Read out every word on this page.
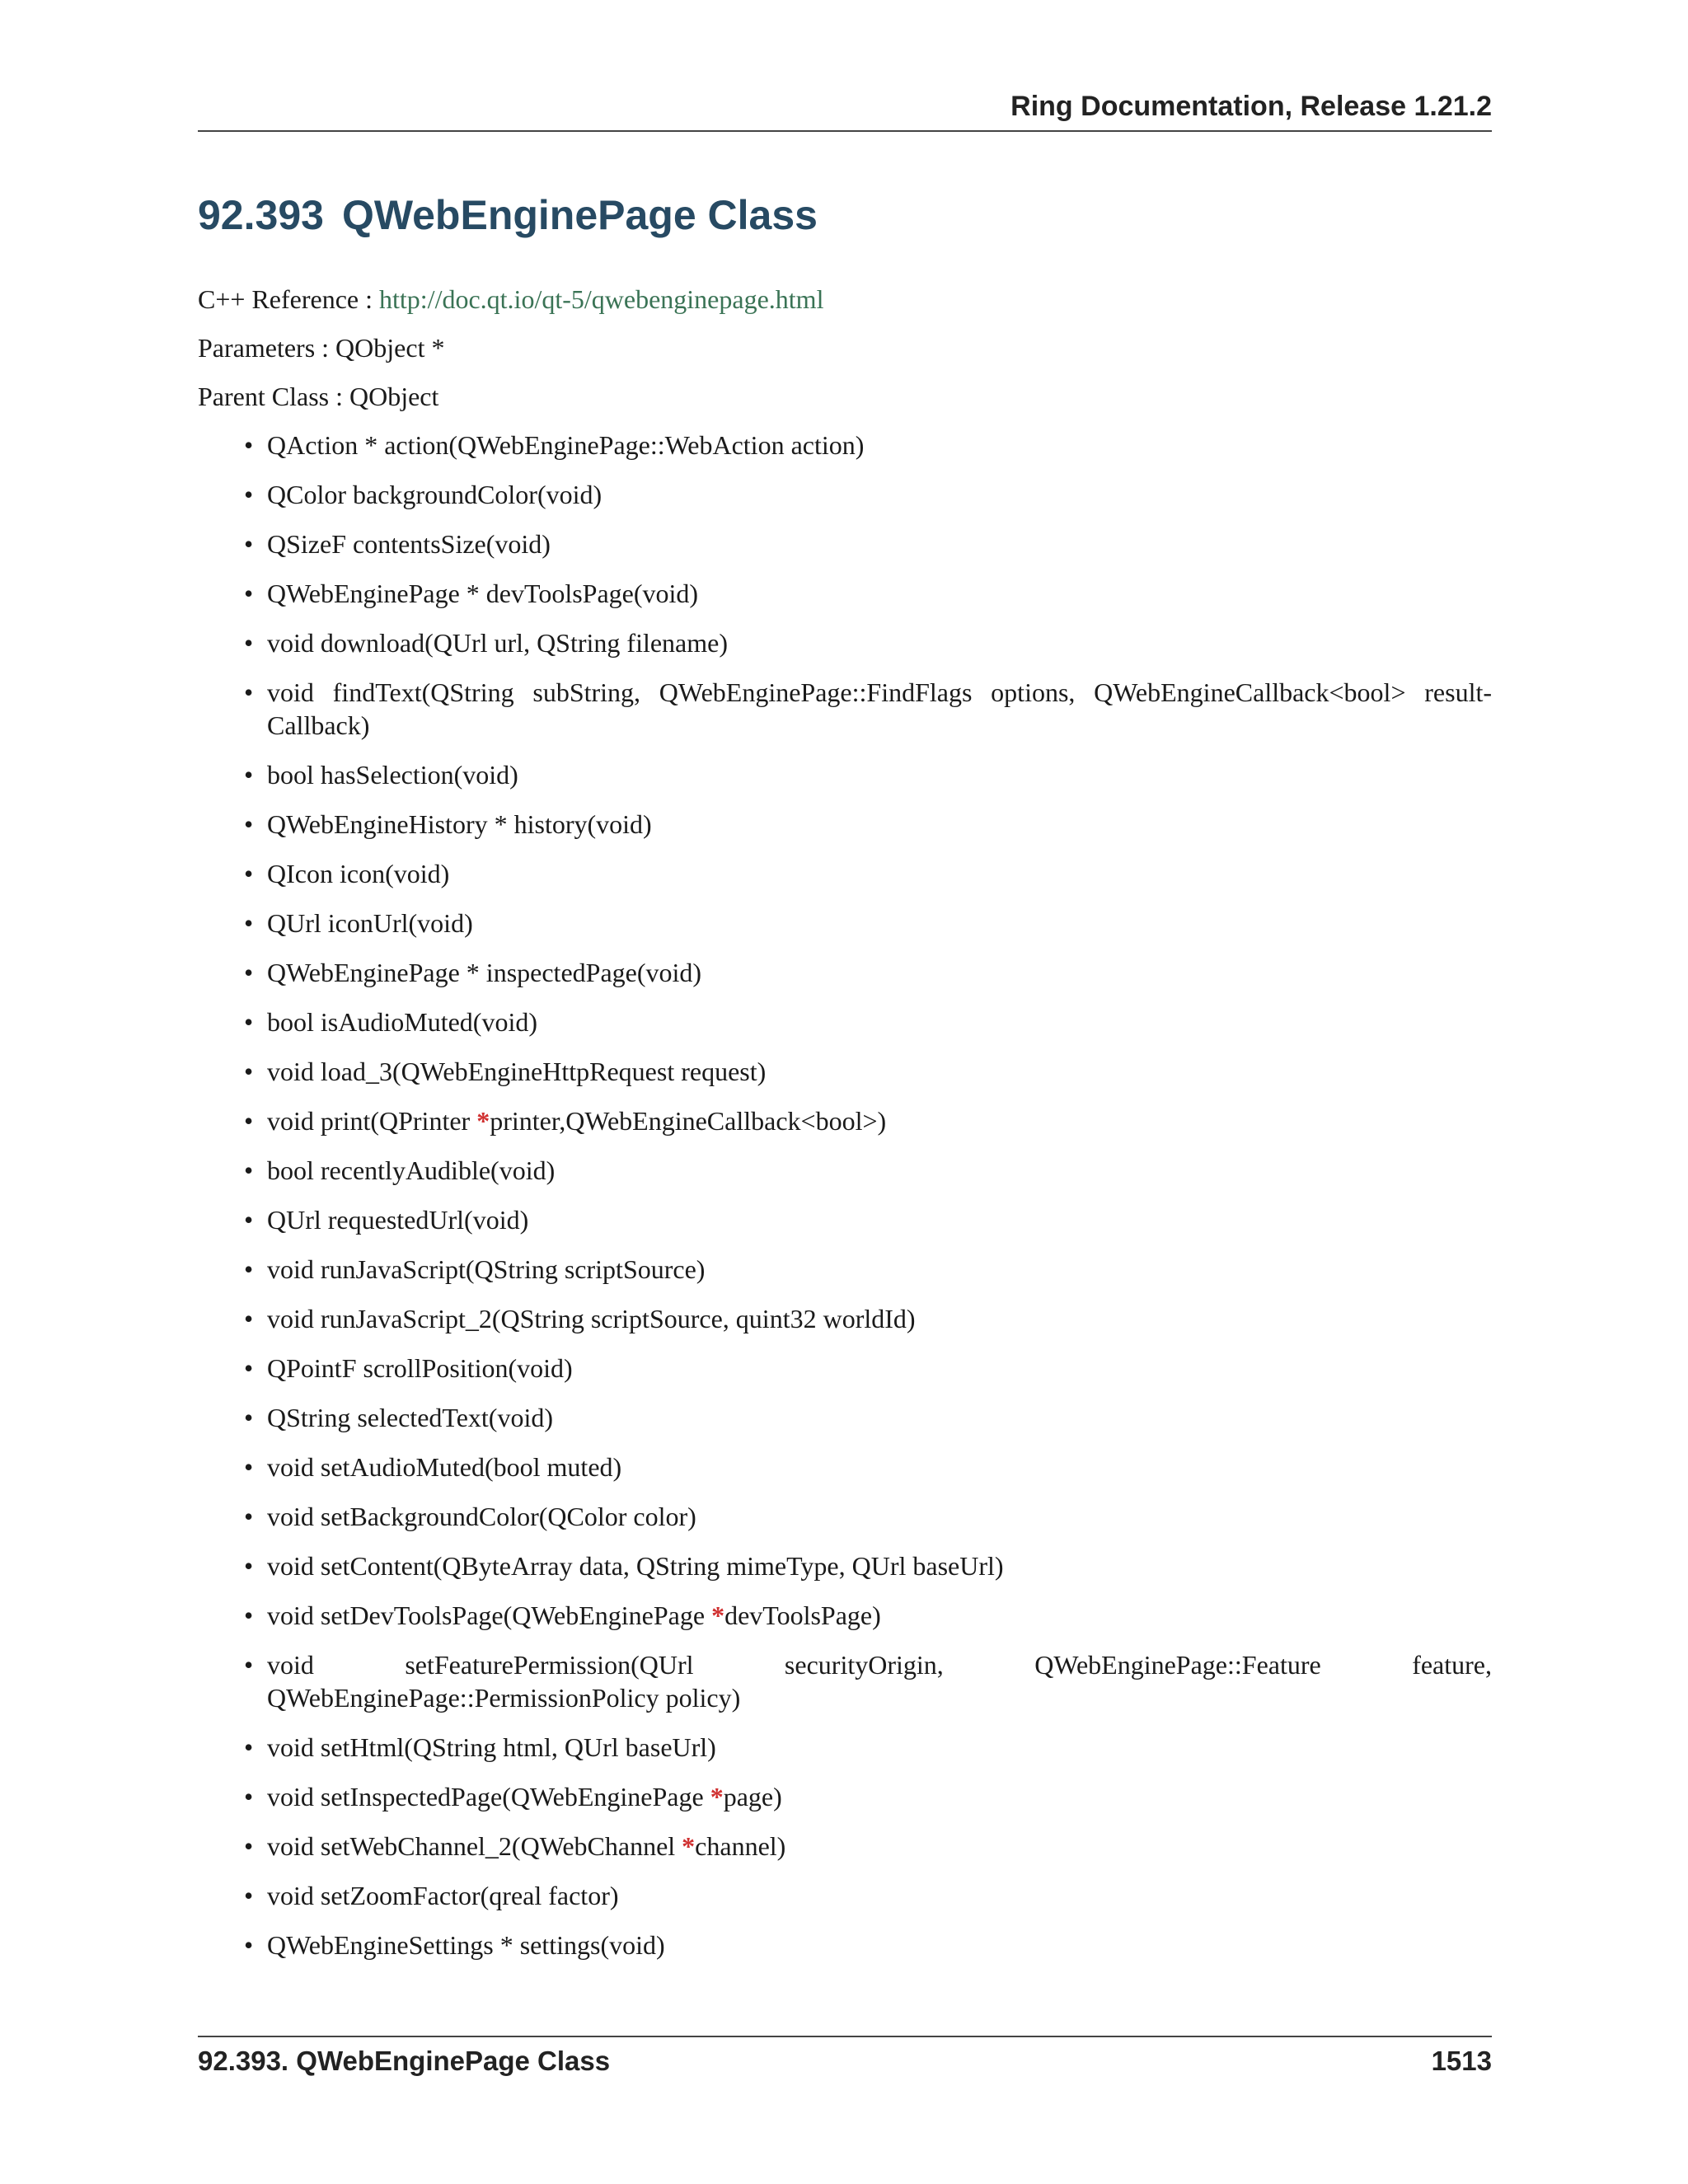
Ring Documentation, Release 1.21.2
92.393 QWebEnginePage Class
C++ Reference : http://doc.qt.io/qt-5/qwebenginepage.html
Parameters : QObject *
Parent Class : QObject
• QAction * action(QWebEnginePage::WebAction action)
• QColor backgroundColor(void)
• QSizeF contentsSize(void)
• QWebEnginePage * devToolsPage(void)
• void download(QUrl url, QString filename)
• void findText(QString subString, QWebEnginePage::FindFlags options, QWebEngineCallback<bool> result-Callback)
• bool hasSelection(void)
• QWebEngineHistory * history(void)
• QIcon icon(void)
• QUrl iconUrl(void)
• QWebEnginePage * inspectedPage(void)
• bool isAudioMuted(void)
• void load_3(QWebEngineHttpRequest request)
• void print(QPrinter *printer,QWebEngineCallback<bool>)
• bool recentlyAudible(void)
• QUrl requestedUrl(void)
• void runJavaScript(QString scriptSource)
• void runJavaScript_2(QString scriptSource, quint32 worldId)
• QPointF scrollPosition(void)
• QString selectedText(void)
• void setAudioMuted(bool muted)
• void setBackgroundColor(QColor color)
• void setContent(QByteArray data, QString mimeType, QUrl baseUrl)
• void setDevToolsPage(QWebEnginePage *devToolsPage)
• void setFeaturePermission(QUrl securityOrigin, QWebEnginePage::Feature feature, QWebEnginePage::PermissionPolicy policy)
• void setHtml(QString html, QUrl baseUrl)
• void setInspectedPage(QWebEnginePage *page)
• void setWebChannel_2(QWebChannel *channel)
• void setZoomFactor(qreal factor)
• QWebEngineSettings * settings(void)
92.393. QWebEnginePage Class	1513
